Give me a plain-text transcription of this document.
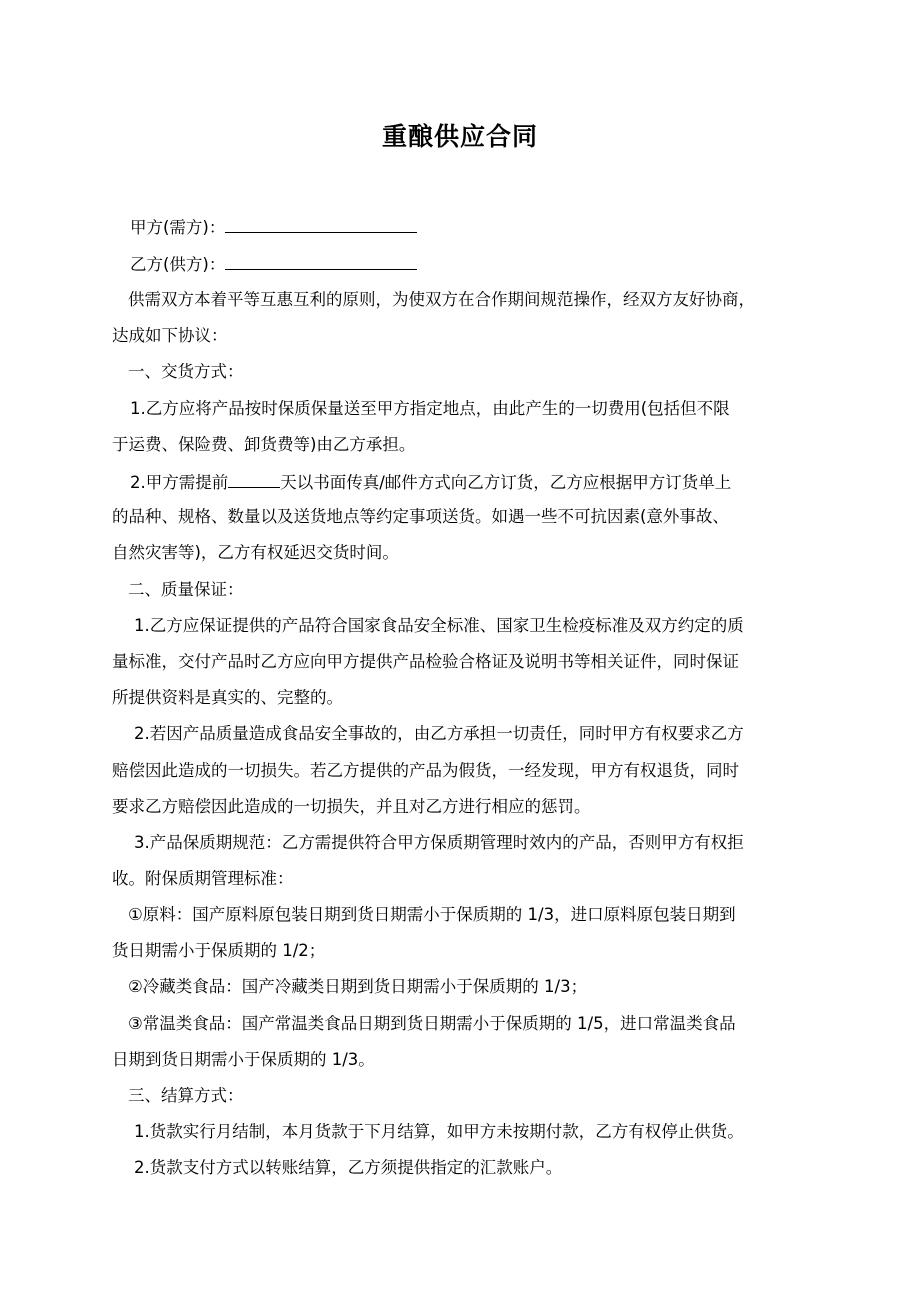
重酿供应合同
甲方(需方)：
乙方(供方)：
供需双方本着平等互惠互利的原则，为使双方在合作期间规范操作，经双方友好协商，
达成如下协议：
一、交货方式：
1.乙方应将产品按时保质保量送至甲方指定地点，由此产生的一切费用(包括但不限
于运费、保险费、卸货费等)由乙方承担。
2.甲方需提前	天以书面传真/邮件方式向乙方订货，乙方应根据甲方订货单上
的品种、规格、数量以及送货地点等约定事项送货。如遇一些不可抗因素(意外事故、
自然灾害等)，乙方有权延迟交货时间。
二、质量保证：
1.乙方应保证提供的产品符合国家食品安全标准、国家卫生检疫标准及双方约定的质
量标准，交付产品时乙方应向甲方提供产品检验合格证及说明书等相关证件，同时保证
所提供资料是真实的、完整的。
2.若因产品质量造成食品安全事故的，由乙方承担一切责任，同时甲方有权要求乙方
赔偿因此造成的一切损失。若乙方提供的产品为假货，一经发现，甲方有权退货，同时
要求乙方赔偿因此造成的一切损失，并且对乙方进行相应的惩罚。
3.产品保质期规范：乙方需提供符合甲方保质期管理时效内的产品，否则甲方有权拒
收。附保质期管理标准：
①原料：国产原料原包装日期到货日期需小于保质期的 1/3，进口原料原包装日期到
货日期需小于保质期的 1/2；
②冷藏类食品：国产冷藏类日期到货日期需小于保质期的 1/3；
③常温类食品：国产常温类食品日期到货日期需小于保质期的 1/5，进口常温类食品
日期到货日期需小于保质期的 1/3。
三、结算方式：
1.货款实行月结制，本月货款于下月结算，如甲方未按期付款，乙方有权停止供货。
2.货款支付方式以转账结算，乙方须提供指定的汇款账户。
